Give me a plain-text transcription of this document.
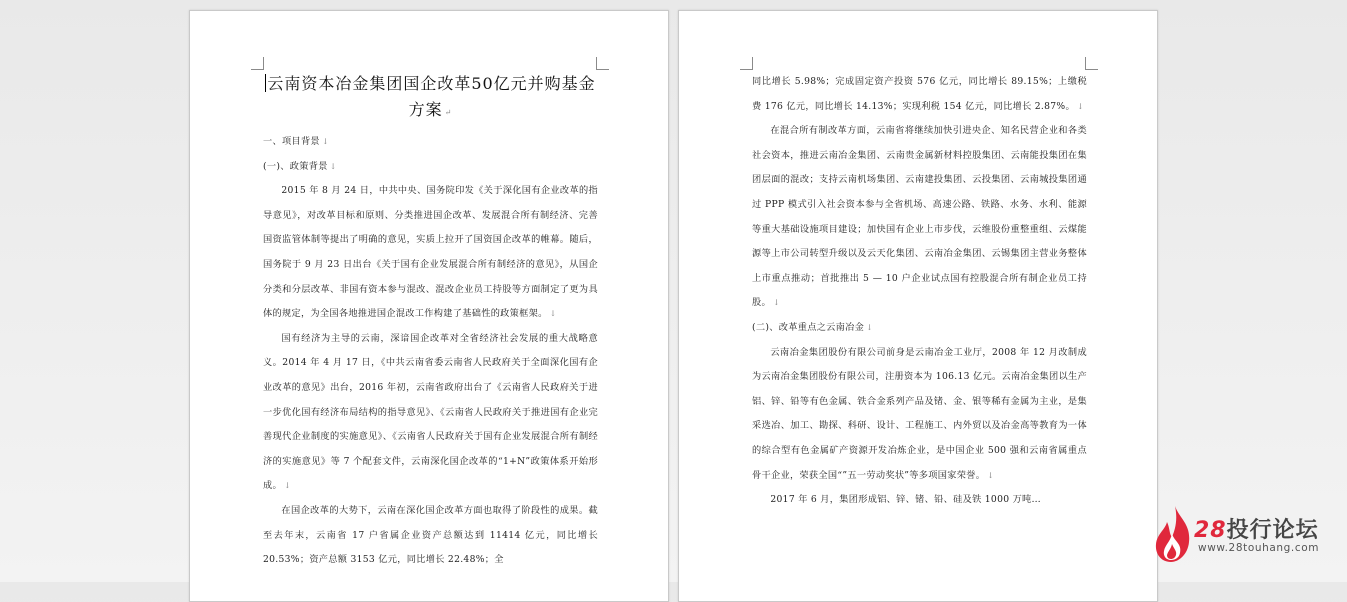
云南资本冶金集团国企改革50亿元并购基金方案 ↵

一、项目背景 ↓

(一)、政策背景 ↓

2015 年 8 月 24 日，中共中央、国务院印发《关于深化国有企业改革的指导意见》，对改革目标和原则、分类推进国企改革、发展混合所有制经济、完善国资监管体制等提出了明确的意见，实质上拉开了国资国企改革的帷幕。随后，国务院于 9 月 23 日出台《关于国有企业发展混合所有制经济的意见》，从国企分类和分层改革、非国有资本参与混改、混改企业员工持股等方面制定了更为具体的规定，为全国各地推进国企混改工作构建了基础性的政策框架。 ↓

国有经济为主导的云南，深谙国企改革对全省经济社会发展的重大战略意义。2014 年 4 月 17 日，《中共云南省委云南省人民政府关于全面深化国有企业改革的意见》出台，2016 年初，云南省政府出台了《云南省人民政府关于进一步优化国有经济布局结构的指导意见》、《云南省人民政府关于推进国有企业完善现代企业制度的实施意见》、《云南省人民政府关于国有企业发展混合所有制经济的实施意见》等 7 个配套文件，云南深化国企改革的“1+N”政策体系开始形成。 ↓

在国企改革的大势下，云南在深化国企改革方面也取得了阶段性的成果。截至去年末，云南省 17 户省属企业资产总额达到 11414 亿元，同比增长 20.53%；资产总额 3153 亿元，同比增长 22.48%；全

同比增长 5.98%；完成固定资产投资 576 亿元，同比增长 89.15%；上缴税费 176 亿元，同比增长 14.13%；实现利税 154 亿元，同比增长 2.87%。 ↓

在混合所有制改革方面，云南省将继续加快引进央企、知名民营企业和各类社会资本，推进云南冶金集团、云南贵金属新材料控股集团、云南能投集团在集团层面的混改；支持云南机场集团、云南建投集团、云投集团、云南城投集团通过 PPP 模式引入社会资本参与全省机场、高速公路、铁路、水务、水利、能源等重大基础设施项目建设；加快国有企业上市步伐，云维股份重整重组、云煤能源等上市公司转型升级以及云天化集团、云南冶金集团、云锡集团主营业务整体上市重点推动；首批推出 5 — 10 户企业试点国有控股混合所有制企业员工持股。 ↓

(二)、改革重点之云南冶金 ↓

云南冶金集团股份有限公司前身是云南冶金工业厅，2008 年 12 月改制成为云南冶金集团股份有限公司，注册资本为 106.13 亿元。云南冶金集团以生产铝、锌、铅等有色金属、铁合金系列产品及锗、金、银等稀有金属为主业，是集采选冶、加工、勘探、科研、设计、工程施工、内外贸以及冶金高等教育为一体的综合型有色金属矿产资源开发冶炼企业，是中国企业 500 强和云南省属重点骨干企业，荣获全国“”五一劳动奖状”等多项国家荣誉。 ↓

2017 年 6 月，集团形成铝、锌、锗、铅、硅及铁 1000 万吨…

28投行论坛
www.28touhang.com
